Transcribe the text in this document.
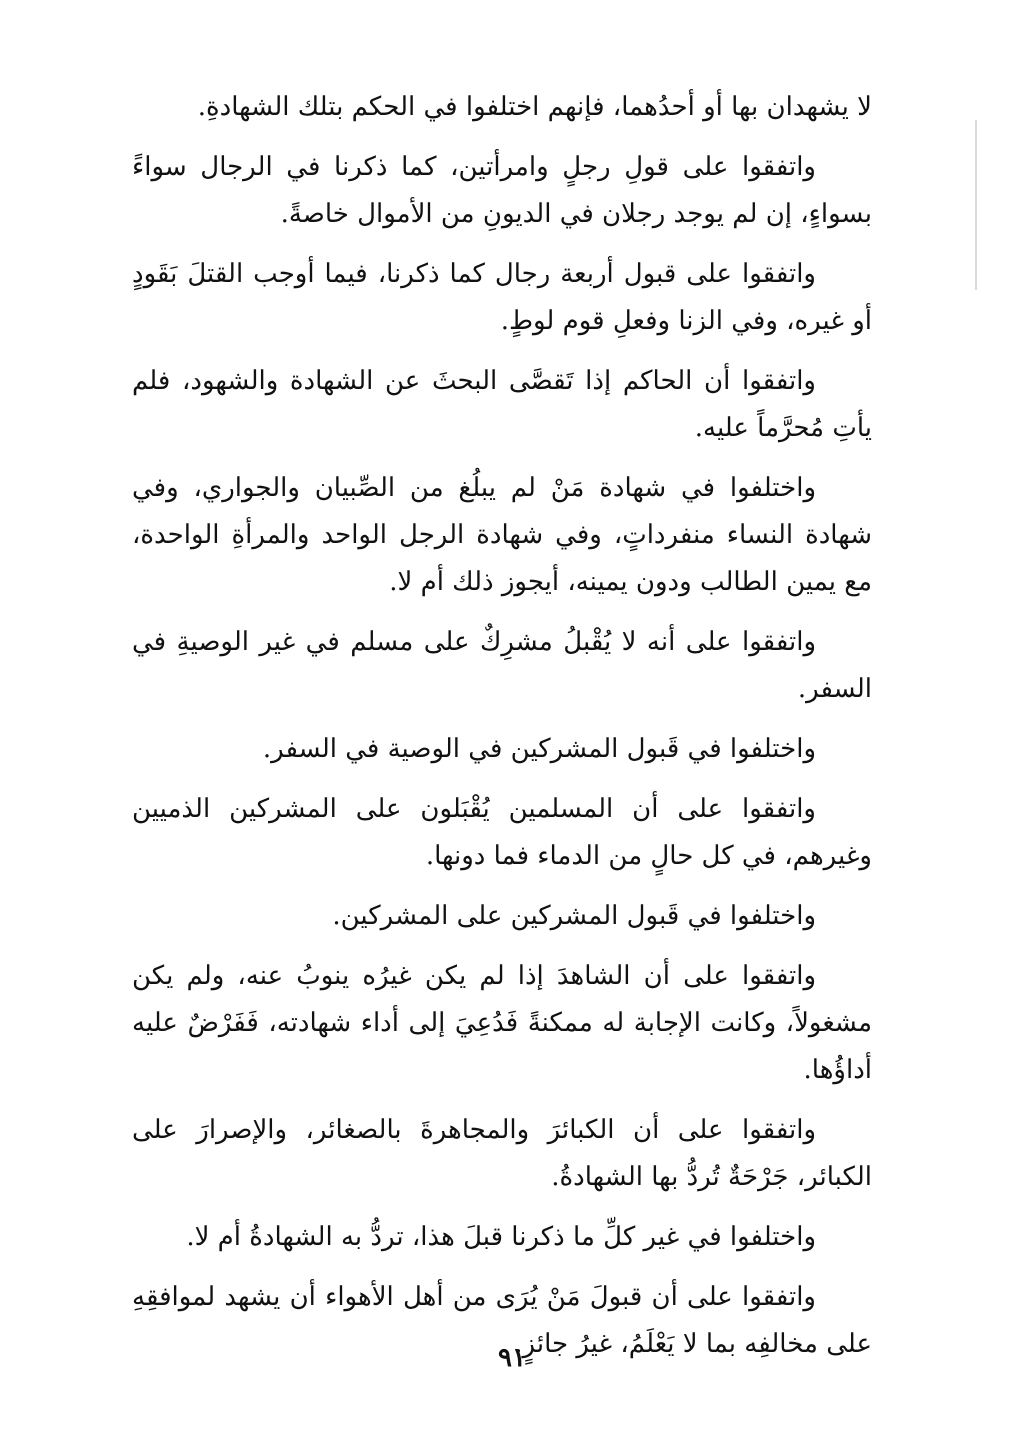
لا يشهدان بها أو أحدُهما، فإنهم اختلفوا في الحكم بتلك الشهادةِ.

واتفقوا على قولِ رجلٍ وامرأتين، كما ذكرنا في الرجال سواءً بسواءٍ، إن لم يوجد رجلان في الديونِ من الأموال خاصةً.

واتفقوا على قبول أربعة رجال كما ذكرنا، فيما أوجب القتلَ بَقَودٍ أو غيره، وفي الزنا وفعلِ قوم لوطٍ.

واتفقوا أن الحاكم إذا تَقصَّى البحثَ عن الشهادة والشهود، فلم يأتِ مُحرَّماً عليه.

واختلفوا في شهادة مَنْ لم يبلُغ من الصِّبيان والجواري، وفي شهادة النساء منفرداتٍ، وفي شهادة الرجل الواحد والمرأةِ الواحدة، مع يمين الطالب ودون يمينه، أيجوز ذلك أم لا.

واتفقوا على أنه لا يُقْبلُ مشرِكٌ على مسلم في غير الوصيةِ في السفر.

واختلفوا في قَبول المشركين في الوصية في السفر.

واتفقوا على أن المسلمين يُقْبَلون على المشركين الذميين وغيرهم، في كل حالٍ من الدماء فما دونها.

واختلفوا في قَبول المشركين على المشركين.

واتفقوا على أن الشاهدَ إذا لم يكن غيرُه ينوبُ عنه، ولم يكن مشغولاً، وكانت الإجابة له ممكنةً فَدُعِيَ إلى أداء شهادته، فَفَرْضٌ عليه أداؤُها.

واتفقوا على أن الكبائرَ والمجاهرةَ بالصغائر، والإصرارَ على الكبائر، جَرْحَةٌ تُردُّ بها الشهادةُ.

واختلفوا في غير كلِّ ما ذكرنا قبلَ هذا، تردُّ به الشهادةُ أم لا.

واتفقوا على أن قبولَ مَنْ يُرَى من أهل الأهواء أن يشهد لموافقِهِ على مخالفِه بما لا يَعْلَمُ، غيرُ جائزٍ.

٩١
